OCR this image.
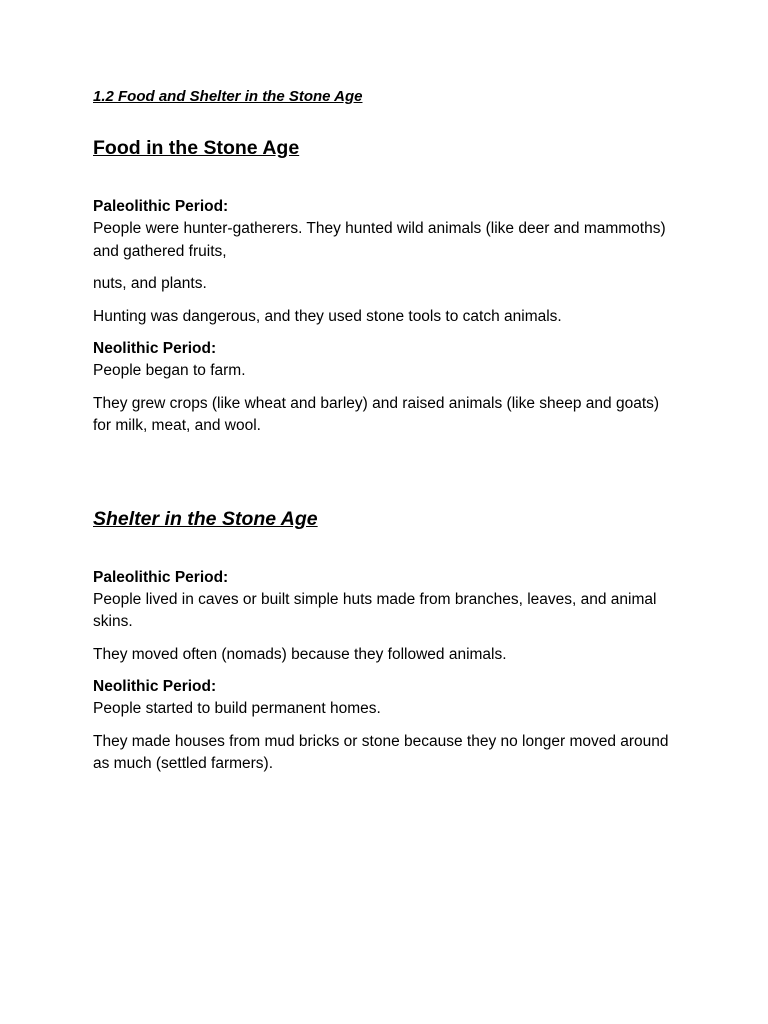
1.2 Food and Shelter in the Stone Age

Food in the Stone Age

Paleolithic Period:

People were hunter-gatherers. They hunted wild animals (like deer and mammoths) and gathered fruits,

nuts, and plants.

Hunting was dangerous, and they used stone tools to catch animals.

Neolithic Period:

People began to farm.

They grew crops (like wheat and barley) and raised animals (like sheep and goats) for milk, meat, and wool.

Shelter in the Stone Age

Paleolithic Period:

People lived in caves or built simple huts made from branches, leaves, and animal skins.

They moved often (nomads) because they followed animals.

Neolithic Period:

People started to build permanent homes.

They made houses from mud bricks or stone because they no longer moved around as much (settled farmers).
